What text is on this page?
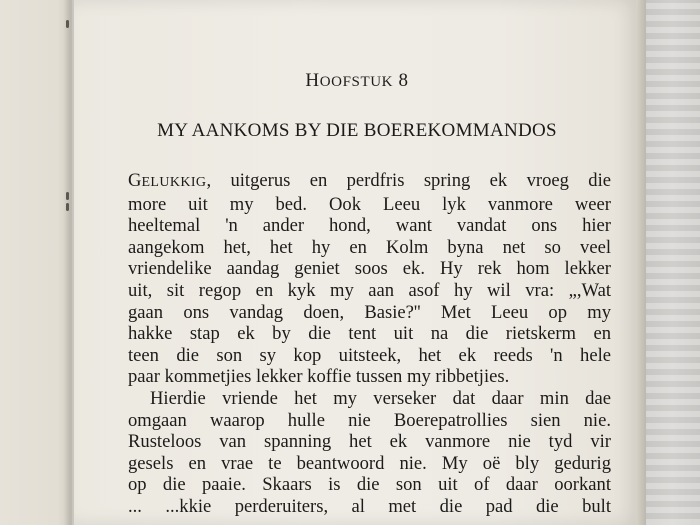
HOOFSTUK 8
MY AANKOMS BY DIE BOEREKOMMANDOS
GELUKKIG, uitgerus en perdfris spring ek vroeg die
more uit my bed. Ook Leeu lyk vanmore weer
heeltemal 'n ander hond, want vandat ons hier
aangekom het, het hy en Kolm byna net so veel
vriendelike aandag geniet soos ek. Hy rek hom lekker
uit, sit regop en kyk my aan asof hy wil vra: „,Wat
gaan ons vandag doen, Basie?'' Met Leeu op my
hakke stap ek by die tent uit na die rietskerm en
teen die son sy kop uitsteek, het ek reeds 'n hele
paar kommetjies lekker koffie tussen my ribbetjies.
Hierdie vriende het my verseker dat daar min dae
omgaan waarop hulle nie Boerepatrollies sien nie.
Rusteloos van spanning het ek vanmore nie tyd vir
gesels en vrae te beantwoord nie. My oë bly gedurig
op die paaie. Skaars is die son uit of daar oorkant
... ...kkie perderuiters, al met die pad die bult
